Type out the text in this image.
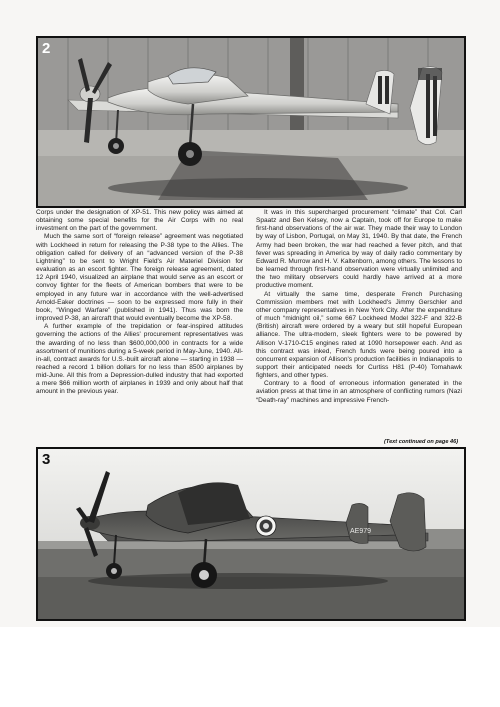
2

Corps under the designation of XP-51. This new policy was aimed at obtaining some special benefits for the Air Corps with no real investment on the part of the government.

Much the same sort of “foreign release” agreement was negotiated with Lockheed in return for releasing the P-38 type to the Allies. The obligation called for delivery of an “advanced version of the P-38 Lightning” to be sent to Wright Field's Air Materiel Division for evaluation as an escort fighter. The foreign release agreement, dated 12 April 1940, visualized an airplane that would serve as an escort or convoy fighter for the fleets of American bombers that were to be employed in any future war in accordance with the well-advertised Arnold-Eaker doctrines — soon to be expressed more fully in their book, “Winged Warfare” (published in 1941). Thus was born the improved P-38, an aircraft that would eventually become the XP-58.

A further example of the trepidation or fear-inspired attitudes governing the actions of the Allies' procurement representatives was the awarding of no less than $600,000,000 in contracts for a wide assortment of munitions during a 5-week period in May-June, 1940. All-in-all, contract awards for U.S.-built aircraft alone — starting in 1938 — reached a record 1 billion dollars for no less than 8500 airplanes by mid-June. All this from a Depression-dulled industry that had exported a mere $66 million worth of airplanes in 1939 and only about half that amount in the previous year.

It was in this supercharged procurement “climate” that Col. Carl Spaatz and Ben Kelsey, now a Captain, took off for Europe to make first-hand observations of the air war. They made their way to London by way of Lisbon, Portugal, on May 31, 1940. By that date, the French Army had been broken, the war had reached a fever pitch, and that fever was spreading in America by way of daily radio commentary by Edward R. Murrow and H. V. Kaltenborn, among others. The lessons to be learned through first-hand observation were virtually unlimited and the two military observers could hardly have arrived at a more productive moment.

At virtually the same time, desperate French Purchasing Commission members met with Lockheed's Jimmy Gerschler and other company representatives in New York City. After the expenditure of much “midnight oil,” some 667 Lockheed Model 322-F and 322-B (British) aircraft were ordered by a weary but still hopeful European alliance. The ultra-modern, sleek fighters were to be powered by Allison V-1710-C15 engines rated at 1090 horsepower each. And as this contract was inked, French funds were being poured into a concurrent expansion of Allison's production facilities in Indianapolis to support their anticipated needs for Curtiss H81 (P-40) Tomahawk fighters, and other types.

Contrary to a flood of erroneous information generated in the aviation press at that time in an atmosphere of conflicting rumors (Nazi “Death-ray” machines and impressive French-

(Text continued on page 46)
3
AE979
